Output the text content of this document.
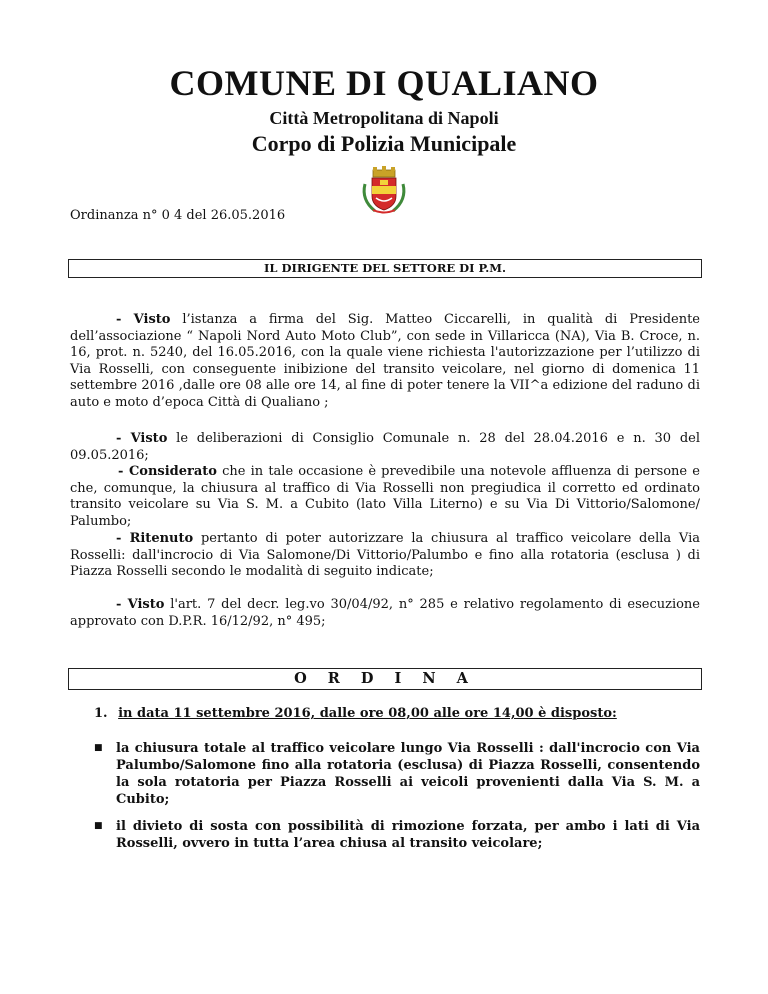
COMUNE DI QUALIANO
Città Metropolitana di Napoli
Corpo di Polizia Municipale
Ordinanza n° 0 4 del 26.05.2016
IL DIRIGENTE DEL SETTORE DI P.M.

- Visto l’istanza a firma del Sig. Matteo Ciccarelli, in qualità di Presidente dell’associazione “ Napoli Nord Auto Moto Club”, con sede in Villaricca (NA), Via B. Croce, n. 16, prot. n. 5240, del 16.05.2016, con la quale viene richiesta l'autorizzazione per l’utilizzo di Via Rosselli, con conseguente inibizione del transito veicolare, nel giorno di domenica 11 settembre 2016 ,dalle ore 08 alle ore 14, al fine di poter tenere la VII^a edizione del raduno di auto e moto d’epoca Città di Qualiano ;

- Visto le deliberazioni di Consiglio Comunale n. 28 del 28.04.2016 e n. 30 del 09.05.2016;

- Considerato che in tale occasione è prevedibile una notevole affluenza di persone e che, comunque, la chiusura al traffico di Via Rosselli non pregiudica il corretto ed ordinato transito veicolare su Via S. M. a Cubito (lato Villa Literno) e su Via Di Vittorio/Salomone/ Palumbo;

- Ritenuto pertanto di poter autorizzare la chiusura al traffico veicolare della Via Rosselli: dall'incrocio di Via Salomone/Di Vittorio/Palumbo e fino alla rotatoria (esclusa ) di Piazza Rosselli secondo le modalità di seguito indicate;

- Visto l'art. 7 del decr. leg.vo 30/04/92, n° 285 e relativo regolamento di esecuzione approvato con D.P.R. 16/12/92, n° 495;

O R D I N A
1. in data 11 settembre 2016, dalle ore 08,00 alle ore 14,00 è disposto:
■ la chiusura totale al traffico veicolare lungo Via Rosselli : dall'incrocio con Via Palumbo/Salomone fino alla rotatoria (esclusa) di Piazza Rosselli, consentendo la sola rotatoria per Piazza Rosselli ai veicoli provenienti dalla Via S. M. a Cubito;
■ il divieto di sosta con possibilità di rimozione forzata, per ambo i lati di Via Rosselli, ovvero in tutta l’area chiusa al transito veicolare;
